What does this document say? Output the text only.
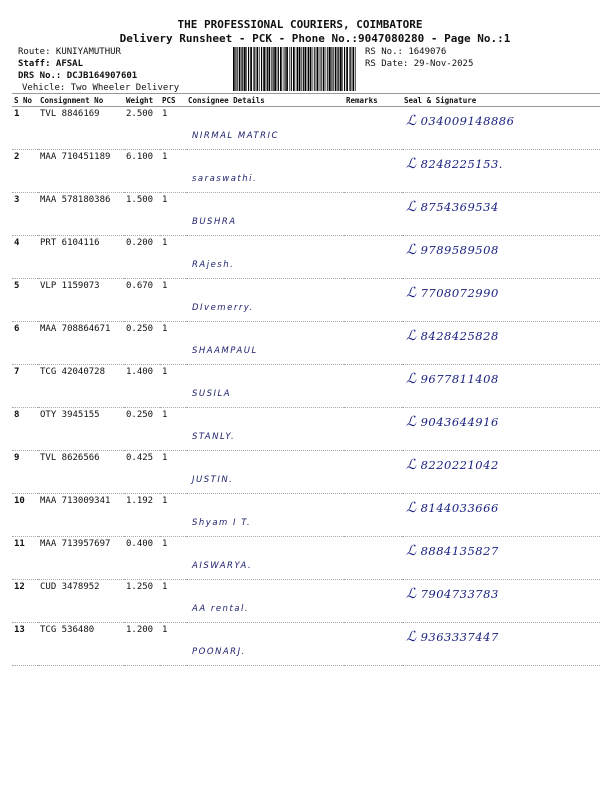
THE PROFESSIONAL COURIERS, COIMBATORE
Delivery Runsheet - PCK - Phone No.:9047080280 - Page No.:1
Route: KUNIYAMUTHUR
Staff: AFSAL
DRS No.: DCJB164907601
Vehicle: Two Wheeler Delivery
RS No.: 1649076
RS Date: 29-Nov-2025
S No	Consignment No	Weight	PCS	Consignee Details	Remarks	Seal & Signature
1	TVL 8846169	2.500	1	NIRMAL MATRIC		ℒ 034009148886

2	MAA 710451189	6.100	1	saraswathi.		ℒ 8248225153.

3	MAA 578180386	1.500	1	BUSHRA		ℒ 8754369534

4	PRT 6104116	0.200	1	RAjesh.		ℒ 9789589508

5	VLP 1159073	0.670	1	DIvemerry.		ℒ 7708072990

6	MAA 708864671	0.250	1	SHAAMPAUL		ℒ 8428425828

7	TCG 42040728	1.400	1	SUSILA		ℒ 9677811408

8	OTY 3945155	0.250	1	STANLY.		ℒ 9043644916

9	TVL 8626566	0.425	1	JUSTIN.		ℒ 8220221042

10	MAA 713009341	1.192	1	Shyam I T.		ℒ 8144033666

11	MAA 713957697	0.400	1	AISWARYA.		ℒ 8884135827

12	CUD 3478952	1.250	1	AA rental.		ℒ 7904733783

13	TCG 536480	1.200	1	POONARJ.		ℒ 9363337447
